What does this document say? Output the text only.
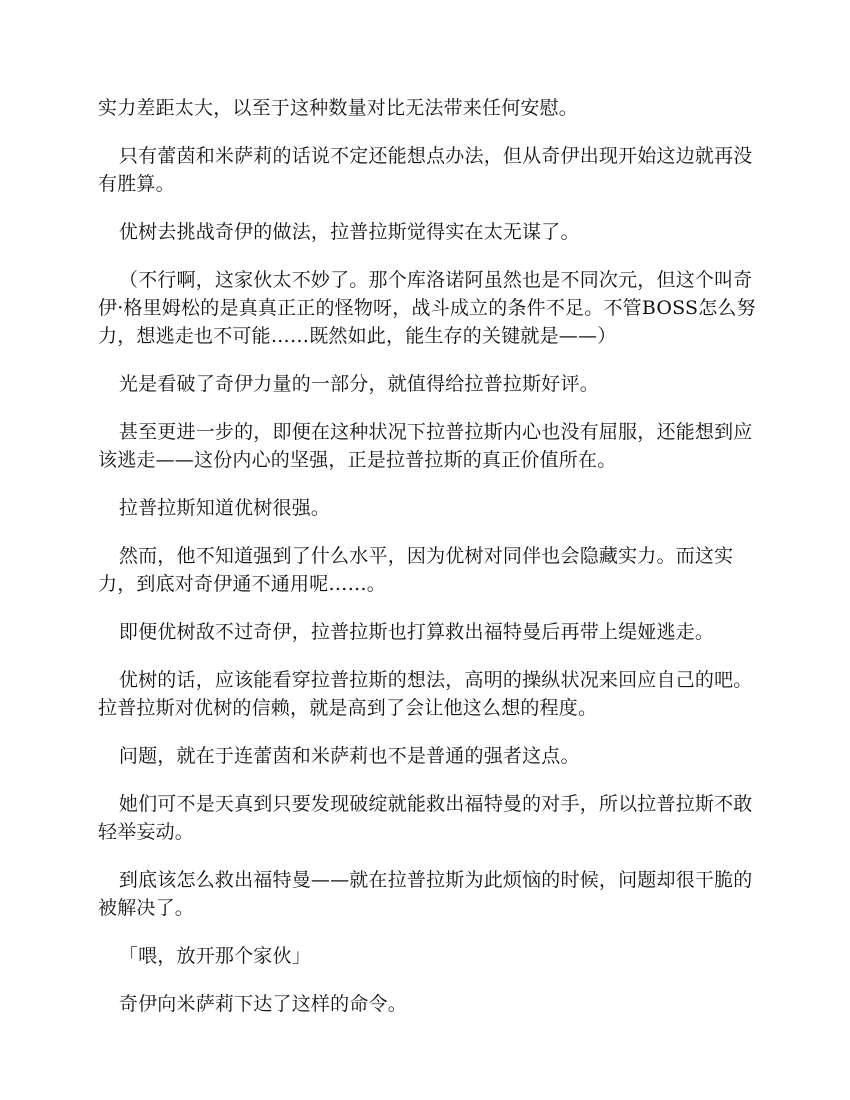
实力差距太大，以至于这种数量对比无法带来任何安慰。

只有蕾茵和米萨莉的话说不定还能想点办法，但从奇伊出现开始这边就再没有胜算。

优树去挑战奇伊的做法，拉普拉斯觉得实在太无谋了。

（不行啊，这家伙太不妙了。那个库洛诺阿虽然也是不同次元，但这个叫奇伊·格里姆松的是真真正正的怪物呀，战斗成立的条件不足。不管BOSS怎么努力，想逃走也不可能……既然如此，能生存的关键就是——）

光是看破了奇伊力量的一部分，就值得给拉普拉斯好评。

甚至更进一步的，即便在这种状况下拉普拉斯内心也没有屈服，还能想到应该逃走——这份内心的坚强，正是拉普拉斯的真正价值所在。

拉普拉斯知道优树很强。

然而，他不知道强到了什么水平，因为优树对同伴也会隐藏实力。而这实力，到底对奇伊通不通用呢……。

即便优树敌不过奇伊，拉普拉斯也打算救出福特曼后再带上缇娅逃走。

优树的话，应该能看穿拉普拉斯的想法，高明的操纵状况来回应自己的吧。拉普拉斯对优树的信赖，就是高到了会让他这么想的程度。

问题，就在于连蕾茵和米萨莉也不是普通的强者这点。

她们可不是天真到只要发现破绽就能救出福特曼的对手，所以拉普拉斯不敢轻举妄动。

到底该怎么救出福特曼——就在拉普拉斯为此烦恼的时候，问题却很干脆的被解决了。

「喂，放开那个家伙」

奇伊向米萨莉下达了这样的命令。
